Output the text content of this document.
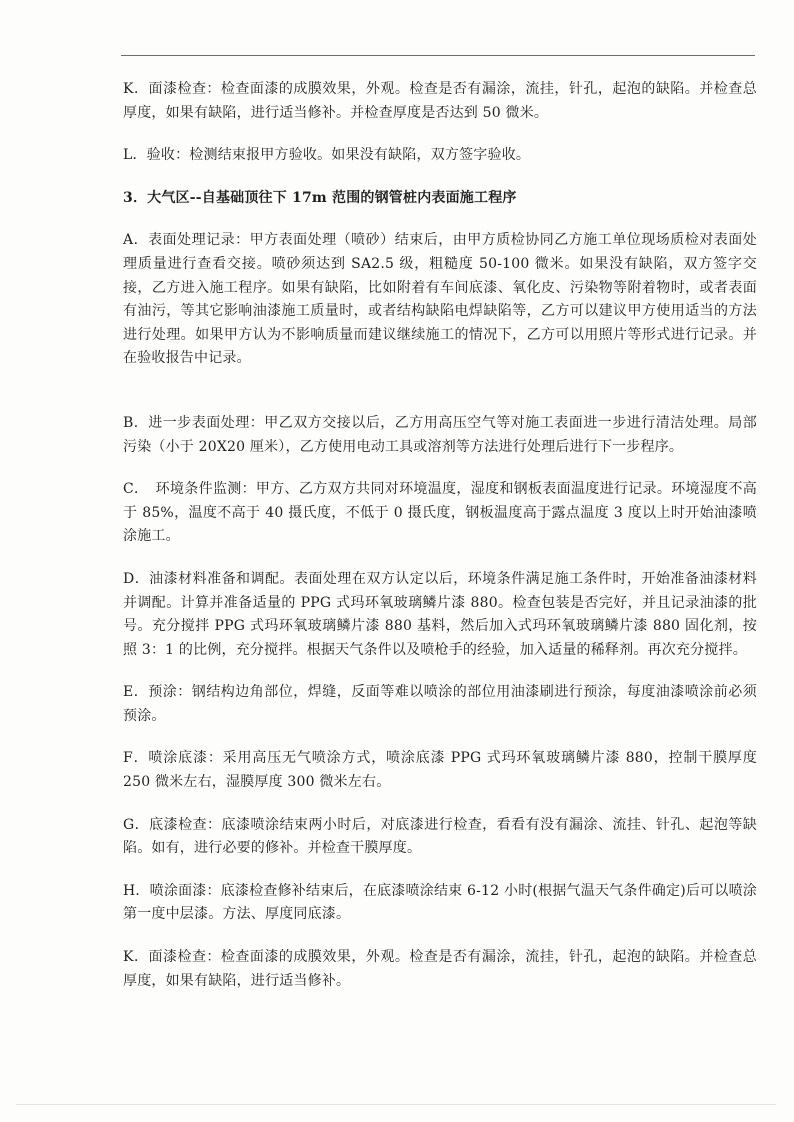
K．面漆检查：检查面漆的成膜效果，外观。检查是否有漏涂，流挂，针孔，起泡的缺陷。并检查总厚度，如果有缺陷，进行适当修补。并检查厚度是否达到 50 微米。

L．验收：检测结束报甲方验收。如果没有缺陷，双方签字验收。

3．大气区--自基础顶往下 17m 范围的钢管桩内表面施工程序

A．表面处理记录：甲方表面处理（喷砂）结束后，由甲方质检协同乙方施工单位现场质检对表面处理质量进行查看交接。喷砂须达到 SA2.5 级，粗糙度 50-100 微米。如果没有缺陷，双方签字交接，乙方进入施工程序。如果有缺陷，比如附着有车间底漆、氧化皮、污染物等附着物时，或者表面有油污，等其它影响油漆施工质量时，或者结构缺陷电焊缺陷等，乙方可以建议甲方使用适当的方法进行处理。如果甲方认为不影响质量而建议继续施工的情况下，乙方可以用照片等形式进行记录。并在验收报告中记录。

B．进一步表面处理：甲乙双方交接以后，乙方用高压空气等对施工表面进一步进行清洁处理。局部污染（小于 20X20 厘米），乙方使用电动工具或溶剂等方法进行处理后进行下一步程序。

C．　环境条件监测：甲方、乙方双方共同对环境温度，湿度和钢板表面温度进行记录。环境湿度不高于 85%，温度不高于 40 摄氏度，不低于 0 摄氏度，钢板温度高于露点温度 3 度以上时开始油漆喷涂施工。

D．油漆材料准备和调配。表面处理在双方认定以后，环境条件满足施工条件时，开始准备油漆材料并调配。计算并准备适量的 PPG 式玛环氧玻璃鳞片漆 880。检查包装是否完好，并且记录油漆的批号。充分搅拌 PPG 式玛环氧玻璃鳞片漆 880 基料，然后加入式玛环氧玻璃鳞片漆 880 固化剂，按照 3：1 的比例，充分搅拌。根据天气条件以及喷枪手的经验，加入适量的稀释剂。再次充分搅拌。

E．预涂：钢结构边角部位，焊缝，反面等难以喷涂的部位用油漆刷进行预涂，每度油漆喷涂前必须预涂。

F．喷涂底漆：采用高压无气喷涂方式，喷涂底漆 PPG 式玛环氧玻璃鳞片漆 880，控制干膜厚度 250 微米左右，湿膜厚度 300 微米左右。

G．底漆检查：底漆喷涂结束两小时后，对底漆进行检查，看看有没有漏涂、流挂、针孔、起泡等缺陷。如有，进行必要的修补。并检查干膜厚度。

H．喷涂面漆：底漆检查修补结束后，在底漆喷涂结束 6-12 小时(根据气温天气条件确定)后可以喷涂第一度中层漆。方法、厚度同底漆。

K．面漆检查：检查面漆的成膜效果，外观。检查是否有漏涂，流挂，针孔，起泡的缺陷。并检查总厚度，如果有缺陷，进行适当修补。
